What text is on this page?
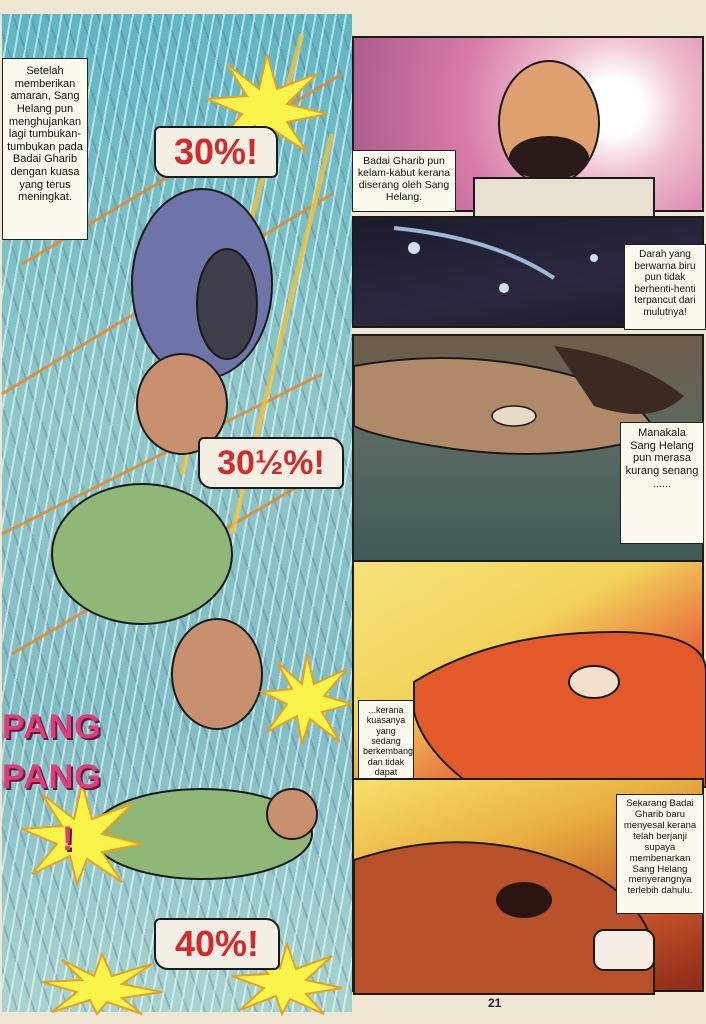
Setelah memberikan amaran, Sang Helang pun menghujankan lagi tumbukan-tumbukan pada Badai Gharib dengan kuasa yang terus meningkat.
30%!
30½%!
40%!
PANG
PANG
!
Badai Gharib pun kelam-kabut kerana diserang oleh Sang Helang.
Darah yang berwarna biru pun tidak berhenti-henti terpancut dari mulutnya!
Manakala Sang Helang pun merasa kurang senang ......
...kerana kuasanya yang sedang berkembang dan tidak dapat
Sekarang Badai Gharib baru menyesal kerana telah berjanji supaya membenarkan Sang Helang menyerangnya terlebih dahulu.
21
